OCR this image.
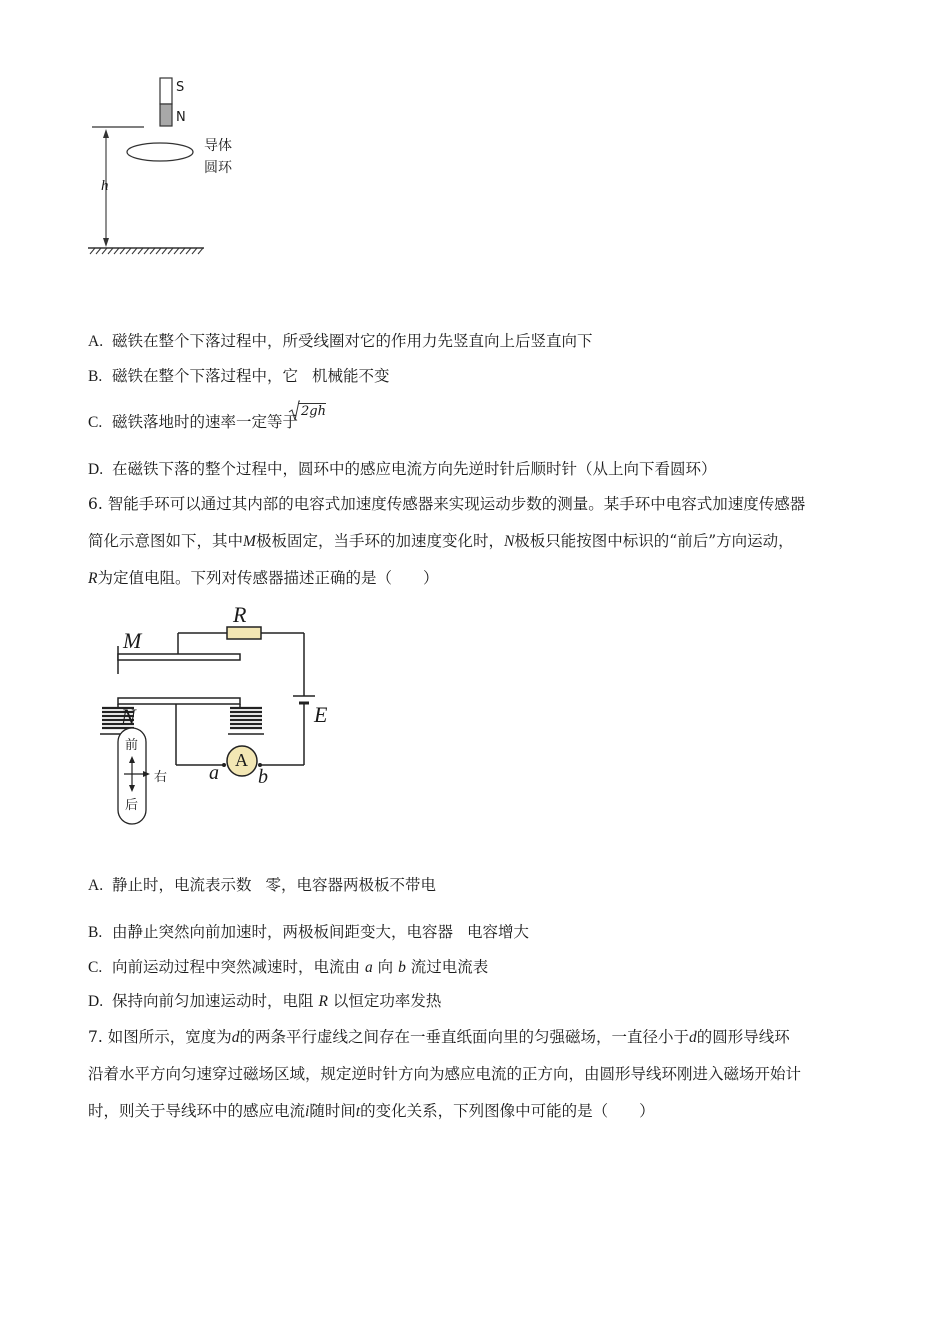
S
N
导体
圆环
h
A. 磁铁在整个下落过程中，所受线圈对它的作用力先竖直向上后竖直向下
B. 磁铁在整个下落过程中，它 机械能不变
C. 磁铁落地时的速率一定等于
2gh
D. 在磁铁下落的整个过程中，圆环中的感应电流方向先逆时针后顺时针（从上向下看圆环）
6. 智能手环可以通过其内部的电容式加速度传感器来实现运动步数的测量。某手环中电容式加速度传感器
简化示意图如下，其中M极板固定，当手环的加速度变化时，N极板只能按图中标识的“前后”方向运动，
R为定值电阻。下列对传感器描述正确的是（　　）
R
M
N	E
A
a b
前
右
后
A. 静止时，电流表示数 零，电容器两极板不带电
B. 由静止突然向前加速时，两极板间距变大，电容器 电容增大
C. 向前运动过程中突然减速时，电流由 a 向 b 流过电流表
D. 保持向前匀加速运动时，电阻 R 以恒定功率发热
7. 如图所示，宽度为d的两条平行虚线之间存在一垂直纸面向里的匀强磁场，一直径小于d的圆形导线环
沿着水平方向匀速穿过磁场区域，规定逆时针方向为感应电流的正方向，由圆形导线环刚进入磁场开始计
时，则关于导线环中的感应电流i随时间t的变化关系，下列图像中可能的是（　　）
